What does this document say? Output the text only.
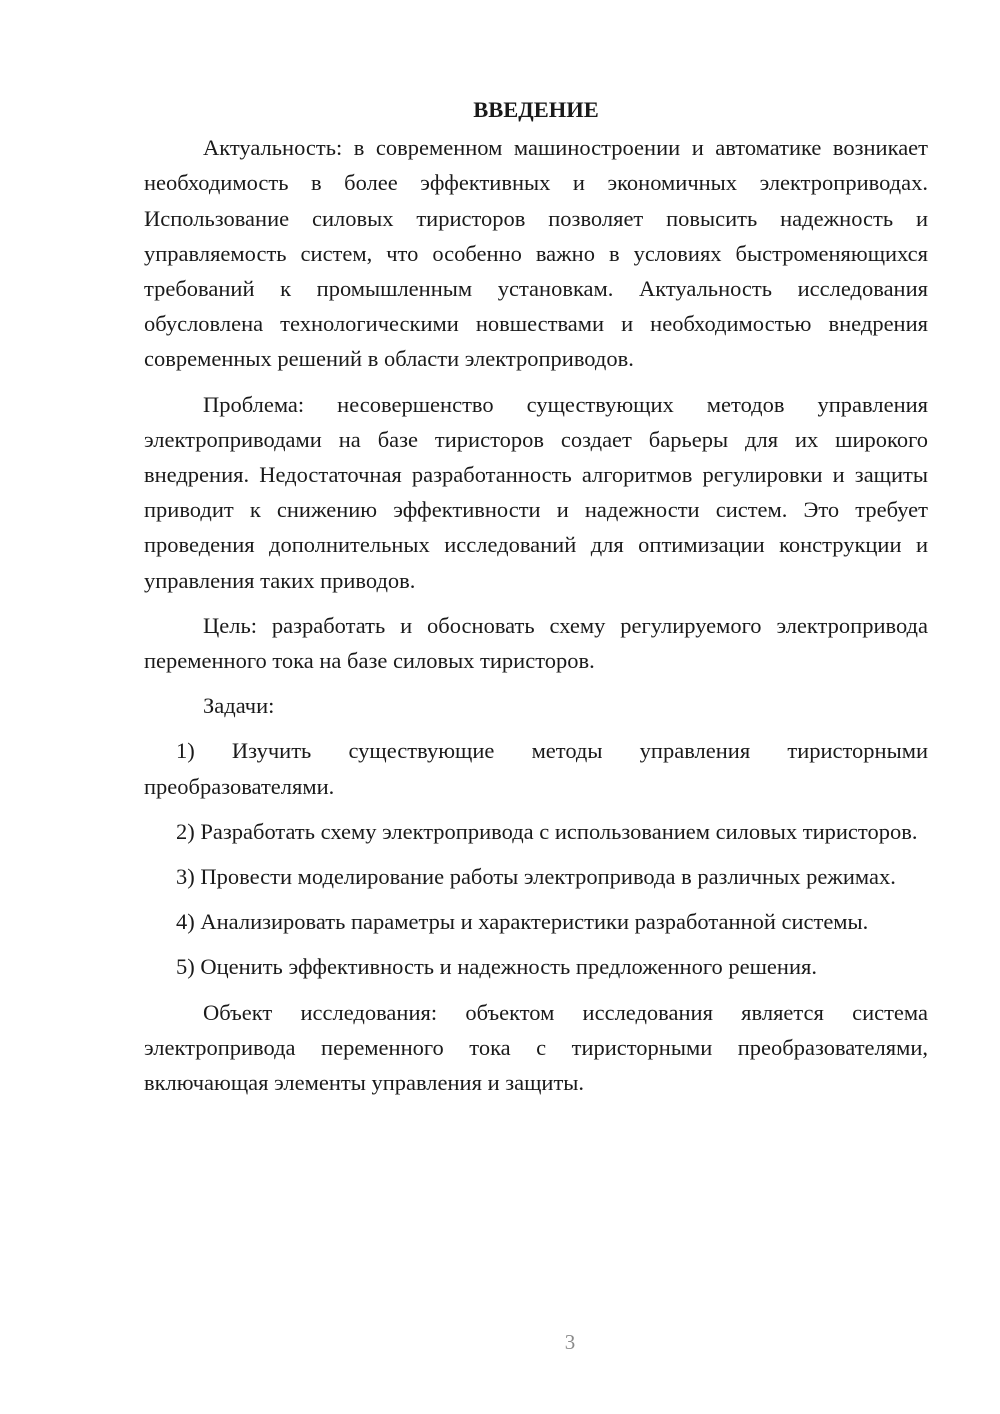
ВВЕДЕНИЕ

Актуальность: в современном машиностроении и автоматике возникает необходимость в более эффективных и экономичных электроприводах. Использование силовых тиристоров позволяет повысить надежность и управляемость систем, что особенно важно в условиях быстроменяющихся требований к промышленным установкам. Актуальность исследования обусловлена технологическими новшествами и необходимостью внедрения современных решений в области электроприводов.

Проблема: несовершенство существующих методов управления электроприводами на базе тиристоров создает барьеры для их широкого внедрения. Недостаточная разработанность алгоритмов регулировки и защиты приводит к снижению эффективности и надежности систем. Это требует проведения дополнительных исследований для оптимизации конструкции и управления таких приводов.

Цель: разработать и обосновать схему регулируемого электропривода переменного тока на базе силовых тиристоров.

Задачи:

1) Изучить существующие методы управления тиристорными преобразователями.

2) Разработать схему электропривода с использованием силовых тиристоров.

3) Провести моделирование работы электропривода в различных режимах.

4) Анализировать параметры и характеристики разработанной системы.

5) Оценить эффективность и надежность предложенного решения.

Объект исследования: объектом исследования является система электропривода переменного тока с тиристорными преобразователями, включающая элементы управления и защиты.

3
